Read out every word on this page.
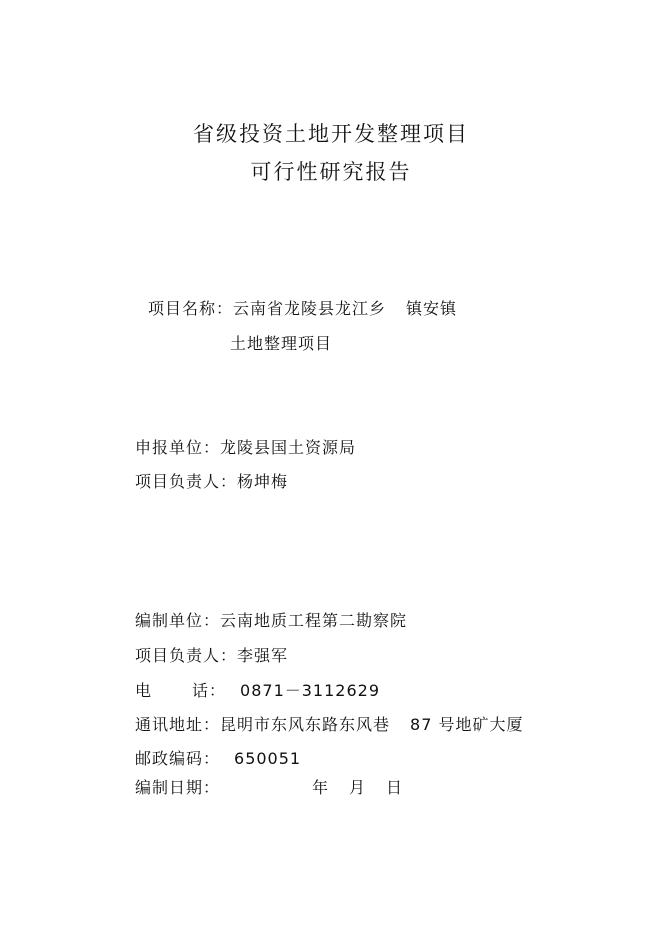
省级投资土地开发整理项目
可行性研究报告
项目名称：云南省龙陵县龙江乡 镇安镇
土地整理项目
申报单位：龙陵县国土资源局
项目负责人：杨坤梅
编制单位：云南地质工程第二勘察院
项目负责人：李强军
电	话： 0871－3112629
通讯地址：昆明市东风东路东风巷 87 号地矿大厦
邮政编码： 650051
编制日期：	年 月 日
